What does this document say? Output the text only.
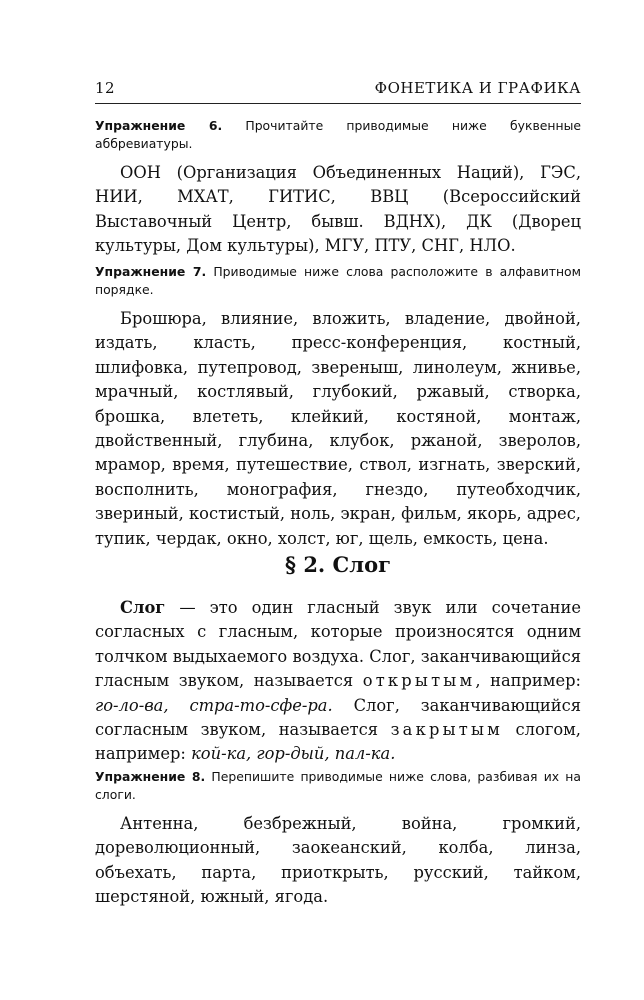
12	ФОНЕТИКА И ГРАФИКА

Упражнение 6. Прочитайте приводимые ниже буквенные аббревиатуры.

ООН (Организация Объединенных Наций), ГЭС, НИИ, МХАТ, ГИТИС, ВВЦ (Всероссийский Выставочный Центр, бывш. ВДНХ), ДК (Дворец культуры, Дом культуры), МГУ, ПТУ, СНГ, НЛО.

Упражнение 7. Приводимые ниже слова расположите в алфавитном порядке.

Брошюра, влияние, вложить, владение, двойной, издать, класть, пресс-конференция, костный, шлифовка, путепровод, звереныш, линолеум, жнивье, мрачный, костлявый, глубокий, ржавый, створка, брошка, влететь, клейкий, костяной, монтаж, двойственный, глубина, клубок, ржаной, зверолов, мрамор, время, путешествие, ствол, изгнать, зверский, восполнить, монография, гнездо, путеобходчик, звериный, костистый, ноль, экран, фильм, якорь, адрес, тупик, чердак, окно, холст, юг, щель, емкость, цена.

§ 2. Слог

Слог — это один гласный звук или сочетание согласных с гласным, которые произносятся одним толчком выдыхаемого воздуха. Слог, заканчивающийся гласным звуком, называется открытым, например: го-ло-ва, стра-то-сфе-ра. Слог, заканчивающийся согласным звуком, называется закрытым слогом, например: кой-ка, гор-дый, пал-ка.

Упражнение 8. Перепишите приводимые ниже слова, разбивая их на слоги.

Антенна, безбрежный, война, громкий, дореволюционный, заокеанский, колба, линза, объехать, парта, приоткрыть, русский, тайком, шерстяной, южный, ягода.
